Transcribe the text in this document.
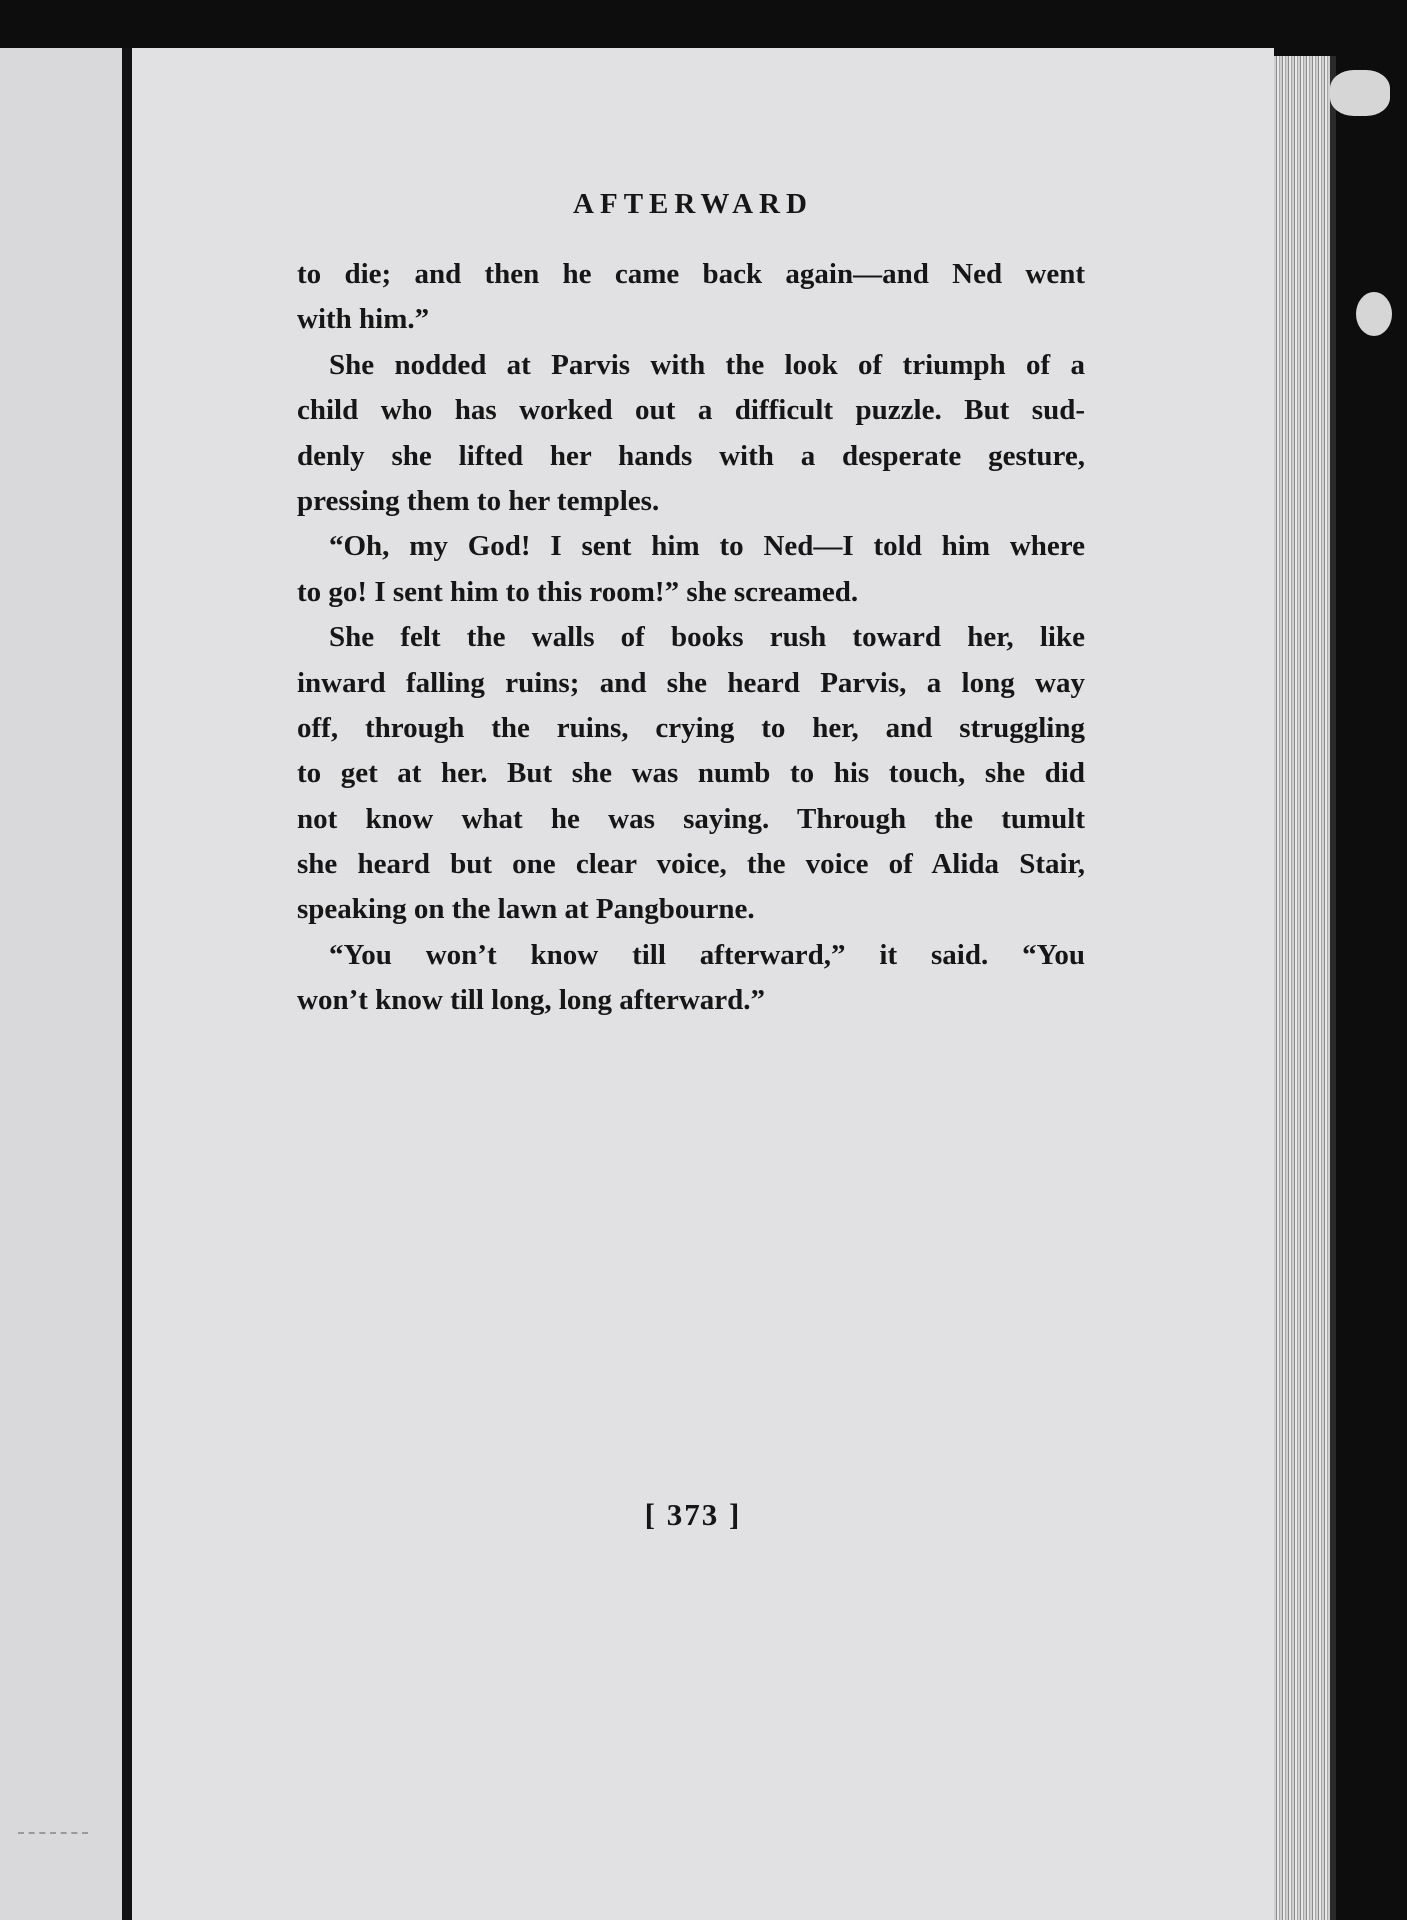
AFTERWARD
to die; and then he came back again—and Ned went
with him.”
She nodded at Parvis with the look of triumph of a
child who has worked out a difficult puzzle. But sud-
denly she lifted her hands with a desperate gesture,
pressing them to her temples.
“Oh, my God! I sent him to Ned—I told him where
to go! I sent him to this room!” she screamed.
She felt the walls of books rush toward her, like
inward falling ruins; and she heard Parvis, a long way
off, through the ruins, crying to her, and struggling
to get at her. But she was numb to his touch, she did
not know what he was saying. Through the tumult
she heard but one clear voice, the voice of Alida Stair,
speaking on the lawn at Pangbourne.
“You won’t know till afterward,” it said. “You
won’t know till long, long afterward.”
[ 373 ]
